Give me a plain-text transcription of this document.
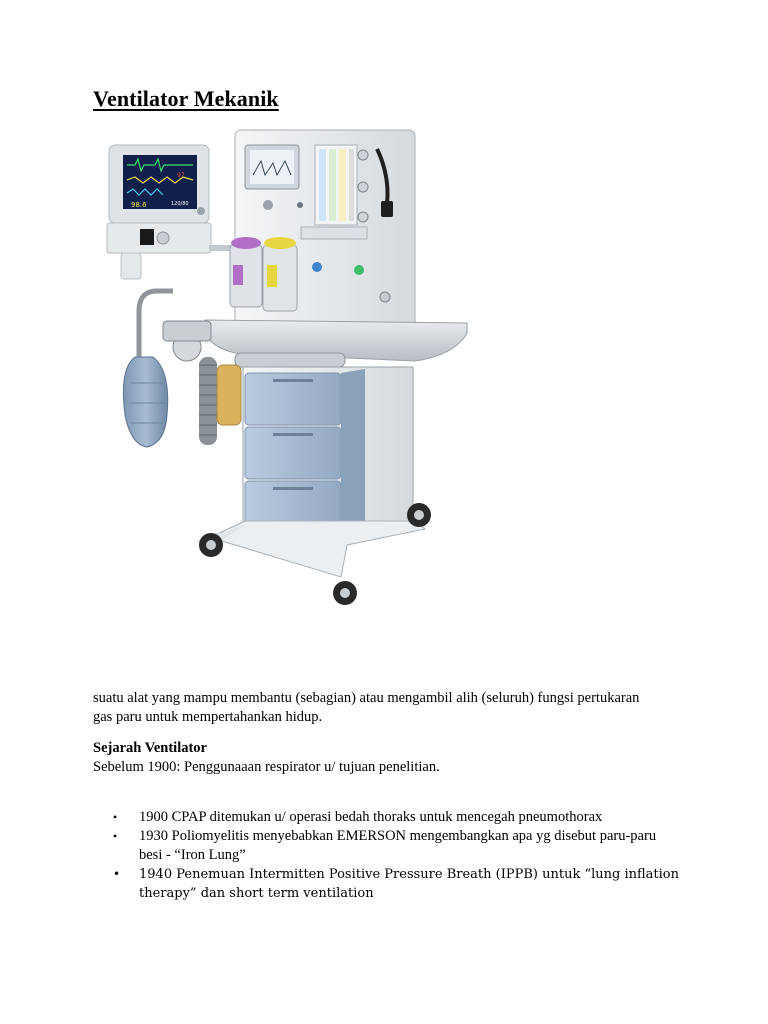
Ventilator Mekanik
98.6
97
120/80
suatu alat yang mampu membantu (sebagian) atau mengambil alih (seluruh) fungsi pertukaran gas paru untuk mempertahankan hidup.
Sejarah Ventilator
Sebelum 1900: Penggunaaan respirator u/ tujuan penelitian.
• 1900 CPAP ditemukan u/ operasi bedah thoraks untuk mencegah pneumothorax
• 1930 Poliomyelitis menyebabkan EMERSON mengembangkan apa yg disebut paru-paru besi - “Iron Lung”
• 1940 Penemuan Intermitten Positive Pressure Breath (IPPB) untuk “lung inflation therapy” dan short term ventilation
